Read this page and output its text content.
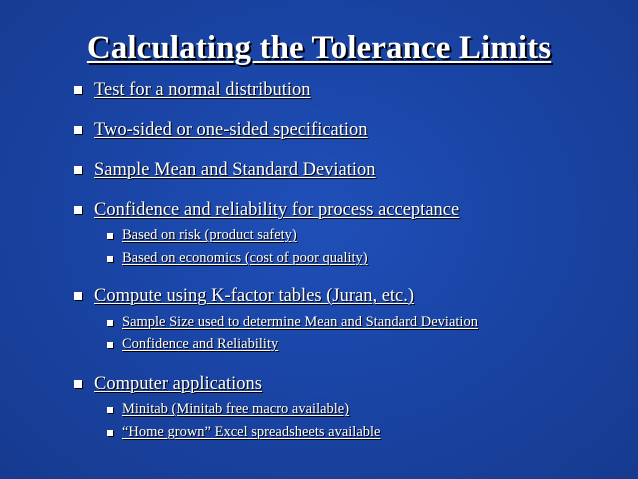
Calculating the Tolerance Limits
Test for a normal distribution
Two-sided or one-sided specification
Sample Mean and Standard Deviation
Confidence and reliability for process acceptance
Based on risk (product safety)
Based on economics (cost of poor quality)
Compute using K-factor tables (Juran, etc.)
Sample Size used to determine Mean and Standard Deviation
Confidence and Reliability
Computer applications
Minitab (Minitab free macro available)
“Home grown” Excel spreadsheets available
